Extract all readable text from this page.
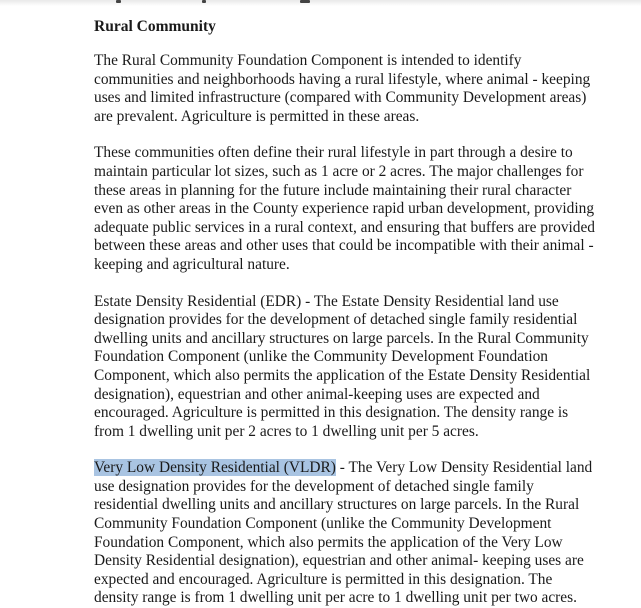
Rural Community

The Rural Community Foundation Component is intended to identify
communities and neighborhoods having a rural lifestyle, where animal - keeping
uses and limited infrastructure (compared with Community Development areas)
are prevalent. Agriculture is permitted in these areas.

These communities often define their rural lifestyle in part through a desire to
maintain particular lot sizes, such as 1 acre or 2 acres. The major challenges for
these areas in planning for the future include maintaining their rural character
even as other areas in the County experience rapid urban development, providing
adequate public services in a rural context, and ensuring that buffers are provided
between these areas and other uses that could be incompatible with their animal -
keeping and agricultural nature.

Estate Density Residential (EDR) - The Estate Density Residential land use
designation provides for the development of detached single family residential
dwelling units and ancillary structures on large parcels. In the Rural Community
Foundation Component (unlike the Community Development Foundation
Component, which also permits the application of the Estate Density Residential
designation), equestrian and other animal-keeping uses are expected and
encouraged. Agriculture is permitted in this designation. The density range is
from 1 dwelling unit per 2 acres to 1 dwelling unit per 5 acres.

Very Low Density Residential (VLDR) - The Very Low Density Residential land
use designation provides for the development of detached single family
residential dwelling units and ancillary structures on large parcels. In the Rural
Community Foundation Component (unlike the Community Development
Foundation Component, which also permits the application of the Very Low
Density Residential designation), equestrian and other animal- keeping uses are
expected and encouraged. Agriculture is permitted in this designation. The
density range is from 1 dwelling unit per acre to 1 dwelling unit per two acres.
